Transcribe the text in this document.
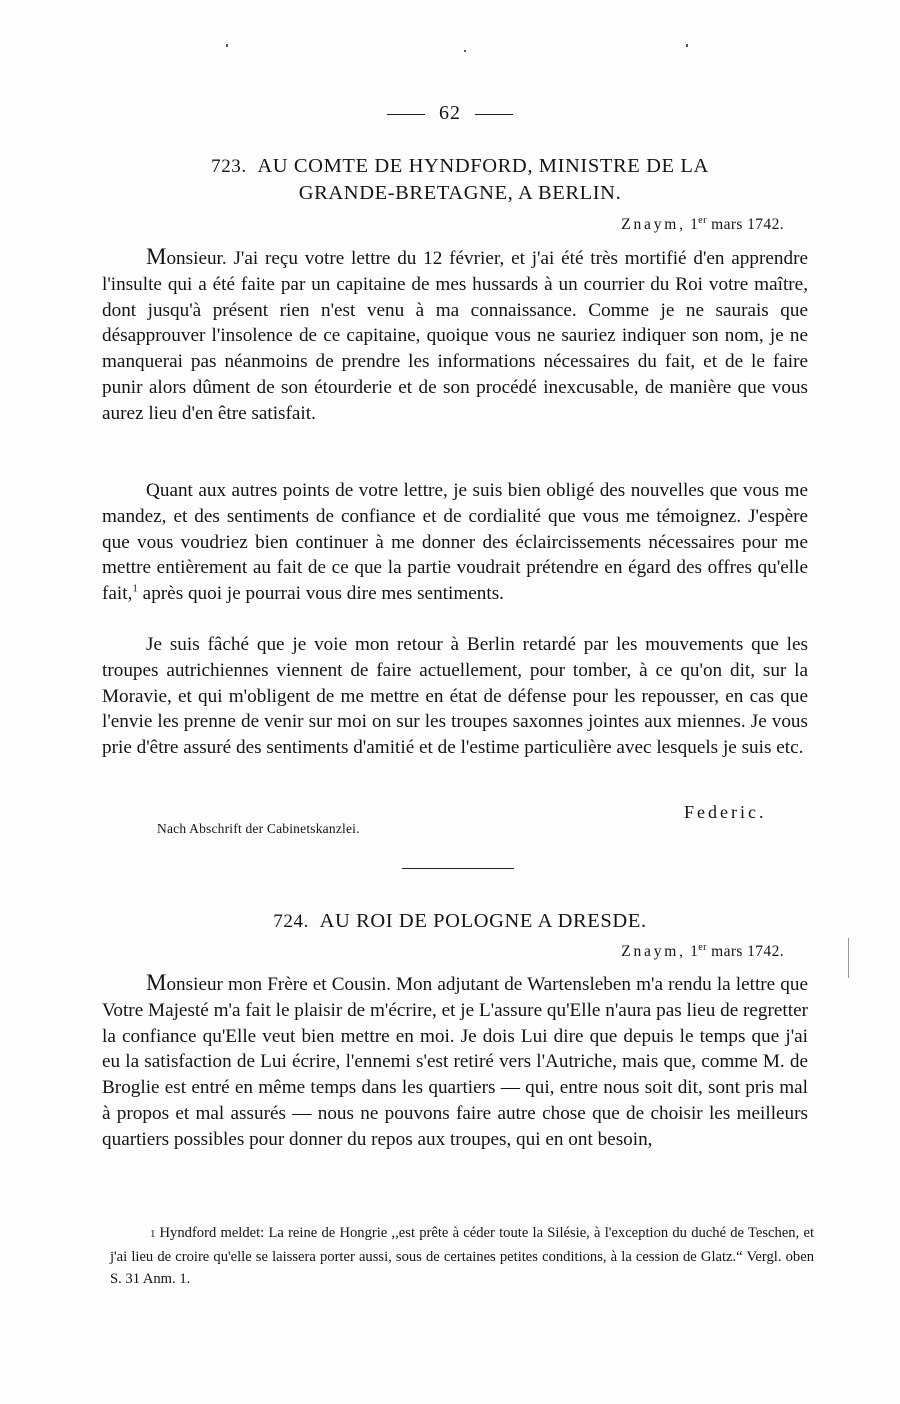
62
723. AU COMTE DE HYNDFORD, MINISTRE DE LA
GRANDE-BRETAGNE, A BERLIN.
Znaym, 1er mars 1742.

Monsieur. J'ai reçu votre lettre du 12 février, et j'ai été très mortifié d'en apprendre l'insulte qui a été faite par un capitaine de mes hussards à un courrier du Roi votre maître, dont jusqu'à présent rien n'est venu à ma connaissance. Comme je ne saurais que désapprouver l'insolence de ce capitaine, quoique vous ne sauriez indiquer son nom, je ne manquerai pas néanmoins de prendre les informations nécessaires du fait, et de le faire punir alors dûment de son étourderie et de son procédé inexcusable, de manière que vous aurez lieu d'en être satisfait.

Quant aux autres points de votre lettre, je suis bien obligé des nouvelles que vous me mandez, et des sentiments de confiance et de cordialité que vous me témoignez. J'espère que vous voudriez bien continuer à me donner des éclaircissements nécessaires pour me mettre entièrement au fait de ce que la partie voudrait prétendre en égard des offres qu'elle fait,$^1$ après quoi je pourrai vous dire mes sentiments.

Je suis fâché que je voie mon retour à Berlin retardé par les mouvements que les troupes autrichiennes viennent de faire actuellement, pour tomber, à ce qu'on dit, sur la Moravie, et qui m'obligent de me mettre en état de défense pour les repousser, en cas que l'envie les prenne de venir sur moi on sur les troupes saxonnes jointes aux miennes. Je vous prie d'être assuré des sentiments d'amitié et de l'estime particulière avec lesquels je suis etc.

Federic.
Nach Abschrift der Cabinetskanzlei.
724. AU ROI DE POLOGNE A DRESDE.
Znaym, 1er mars 1742.

Monsieur mon Frère et Cousin. Mon adjutant de Wartensleben m'a rendu la lettre que Votre Majesté m'a fait le plaisir de m'écrire, et je L'assure qu'Elle n'aura pas lieu de regretter la confiance qu'Elle veut bien mettre en moi. Je dois Lui dire que depuis le temps que j'ai eu la satisfaction de Lui écrire, l'ennemi s'est retiré vers l'Autriche, mais que, comme M. de Broglie est entré en même temps dans les quartiers — qui, entre nous soit dit, sont pris mal à propos et mal assurés — nous ne pouvons faire autre chose que de choisir les meilleurs quartiers possibles pour donner du repos aux troupes, qui en ont besoin,

1 Hyndford meldet: La reine de Hongrie ,,est prête à céder toute la Silésie, à l'exception du duché de Teschen, et j'ai lieu de croire qu'elle se laissera porter aussi, sous de certaines petites conditions, à la cession de Glatz.“ Vergl. oben S. 31 Anm. 1.
